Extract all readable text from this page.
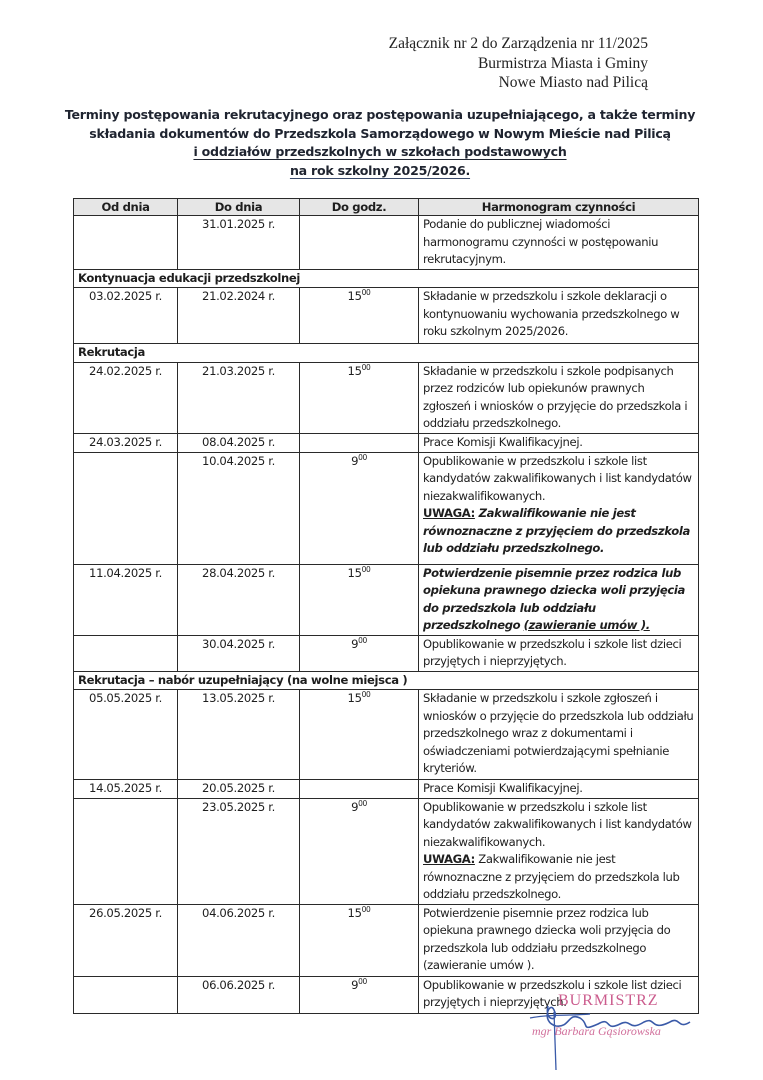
Załącznik nr 2 do Zarządzenia nr 11/2025
Burmistrza Miasta i Gminy
Nowe Miasto nad Pilicą
Terminy postępowania rekrutacyjnego oraz postępowania uzupełniającego, a także terminy
składania dokumentów do Przedszkola Samorządowego w Nowym Mieście nad Pilicą
i oddziałów przedszkolnych w szkołach podstawowych
na rok szkolny 2025/2026.
Od dnia	Do dnia	Do godz.	Harmonogram czynności
	31.01.2025 r.		Podanie do publicznej wiadomości harmonogramu czynności w postępowaniu rekrutacyjnym.
Kontynuacja edukacji przedszkolnej			
03.02.2025 r.	21.02.2024 r.	$15^{00}$	Składanie w przedszkolu i szkole deklaracji o kontynuowaniu wychowania przedszkolnego w roku szkolnym 2025/2026.
Rekrutacja			
24.02.2025 r.	21.03.2025 r.	$15^{00}$	Składanie w przedszkolu i szkole podpisanych przez rodziców lub opiekunów prawnych zgłoszeń i wniosków o przyjęcie do przedszkola i oddziału przedszkolnego.
24.03.2025 r.	08.04.2025 r.		Prace Komisji Kwalifikacyjnej.
	10.04.2025 r.	$9^{00}$	Opublikowanie w przedszkolu i szkole list kandydatów zakwalifikowanych i list kandydatów niezakwalifikowanych.
UWAGA: Zakwalifikowanie nie jest równoznaczne z przyjęciem do przedszkola lub oddziału przedszkolnego.
11.04.2025 r.	28.04.2025 r.	$15^{00}$	Potwierdzenie pisemnie przez rodzica lub opiekuna prawnego dziecka woli przyjęcia do przedszkola lub oddziału przedszkolnego (zawieranie umów ).
	30.04.2025 r.	$9^{00}$	Opublikowanie w przedszkolu i szkole list dzieci przyjętych i nieprzyjętych.
Rekrutacja – nabór uzupełniający (na wolne miejsca )			
05.05.2025 r.	13.05.2025 r.	$15^{00}$	Składanie w przedszkolu i szkole zgłoszeń i wniosków o przyjęcie do przedszkola lub oddziału przedszkolnego wraz z dokumentami i oświadczeniami potwierdzającymi spełnianie kryteriów.
14.05.2025 r.	20.05.2025 r.		Prace Komisji Kwalifikacyjnej.
	23.05.2025 r.	$9^{00}$	Opublikowanie w przedszkolu i szkole list kandydatów zakwalifikowanych i list kandydatów niezakwalifikowanych.
UWAGA: Zakwalifikowanie nie jest równoznaczne z przyjęciem do przedszkola lub oddziału przedszkolnego.
26.05.2025 r.	04.06.2025 r.	$15^{00}$	Potwierdzenie pisemnie przez rodzica lub opiekuna prawnego dziecka woli przyjęcia do przedszkola lub oddziału przedszkolnego (zawieranie umów ).
	06.06.2025 r.	$9^{00}$	Opublikowanie w przedszkolu i szkole list dzieci przyjętych i nieprzyjętych.
BURMISTRZ
mgr Barbara Gąsiorowska
